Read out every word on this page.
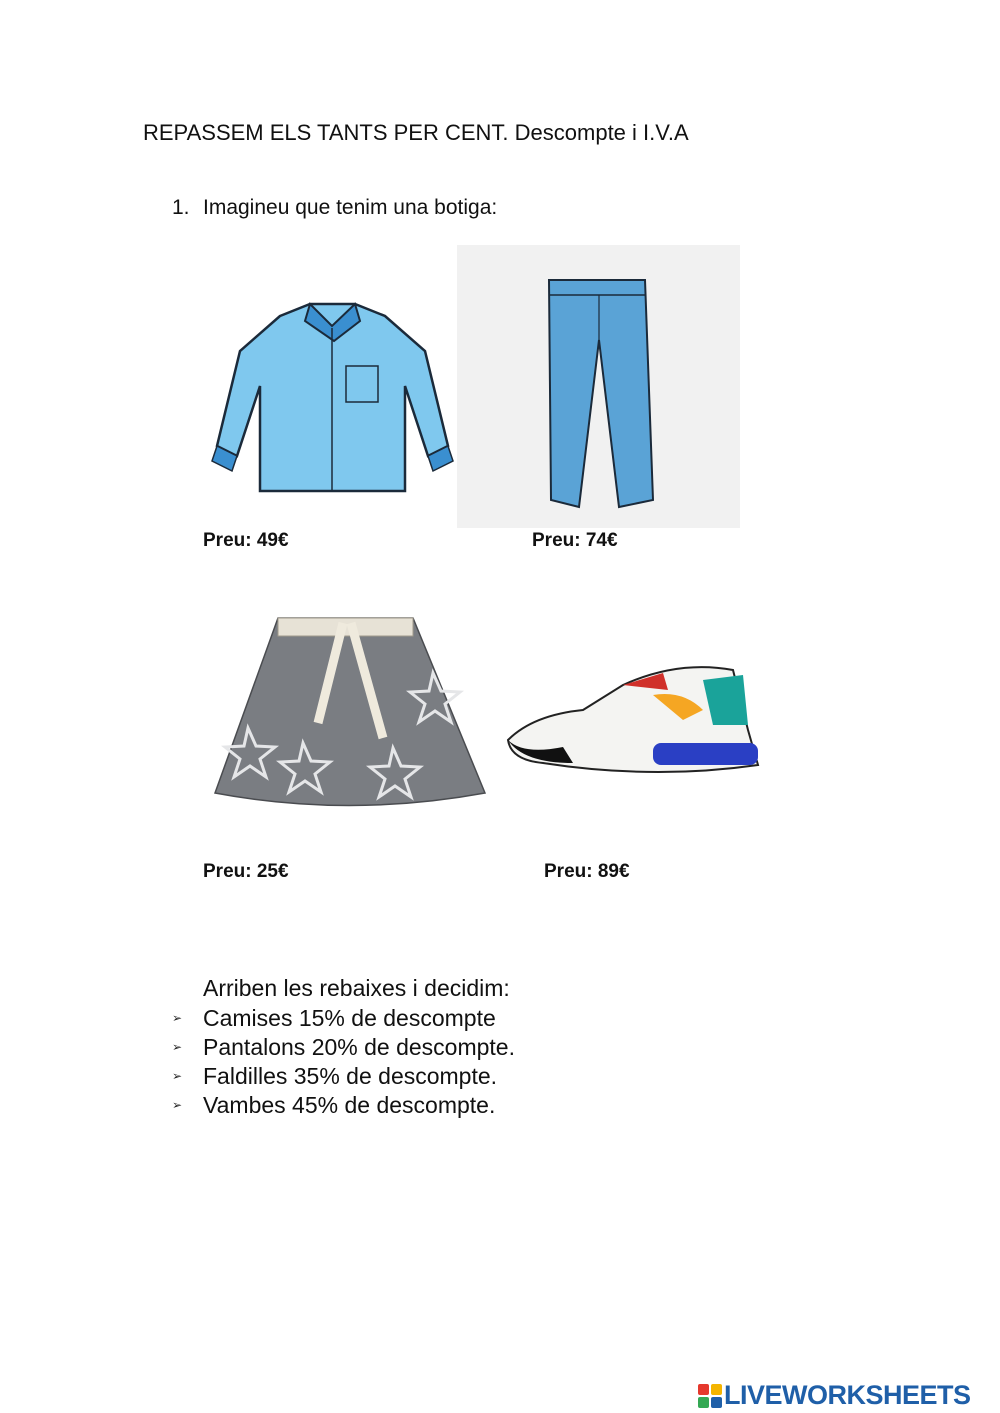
REPASSEM ELS TANTS PER CENT. Descompte i I.V.A
1. Imagineu que tenim una botiga:
Preu: 49€	Preu: 74€
Preu: 25€	Preu: 89€
Arriben les rebaixes i decidim:
➢ Camises 15% de descompte
➢ Pantalons 20% de descompte.
➢ Faldilles 35% de descompte.
➢ Vambes 45% de descompte.
LIVEWORKSHEETS
